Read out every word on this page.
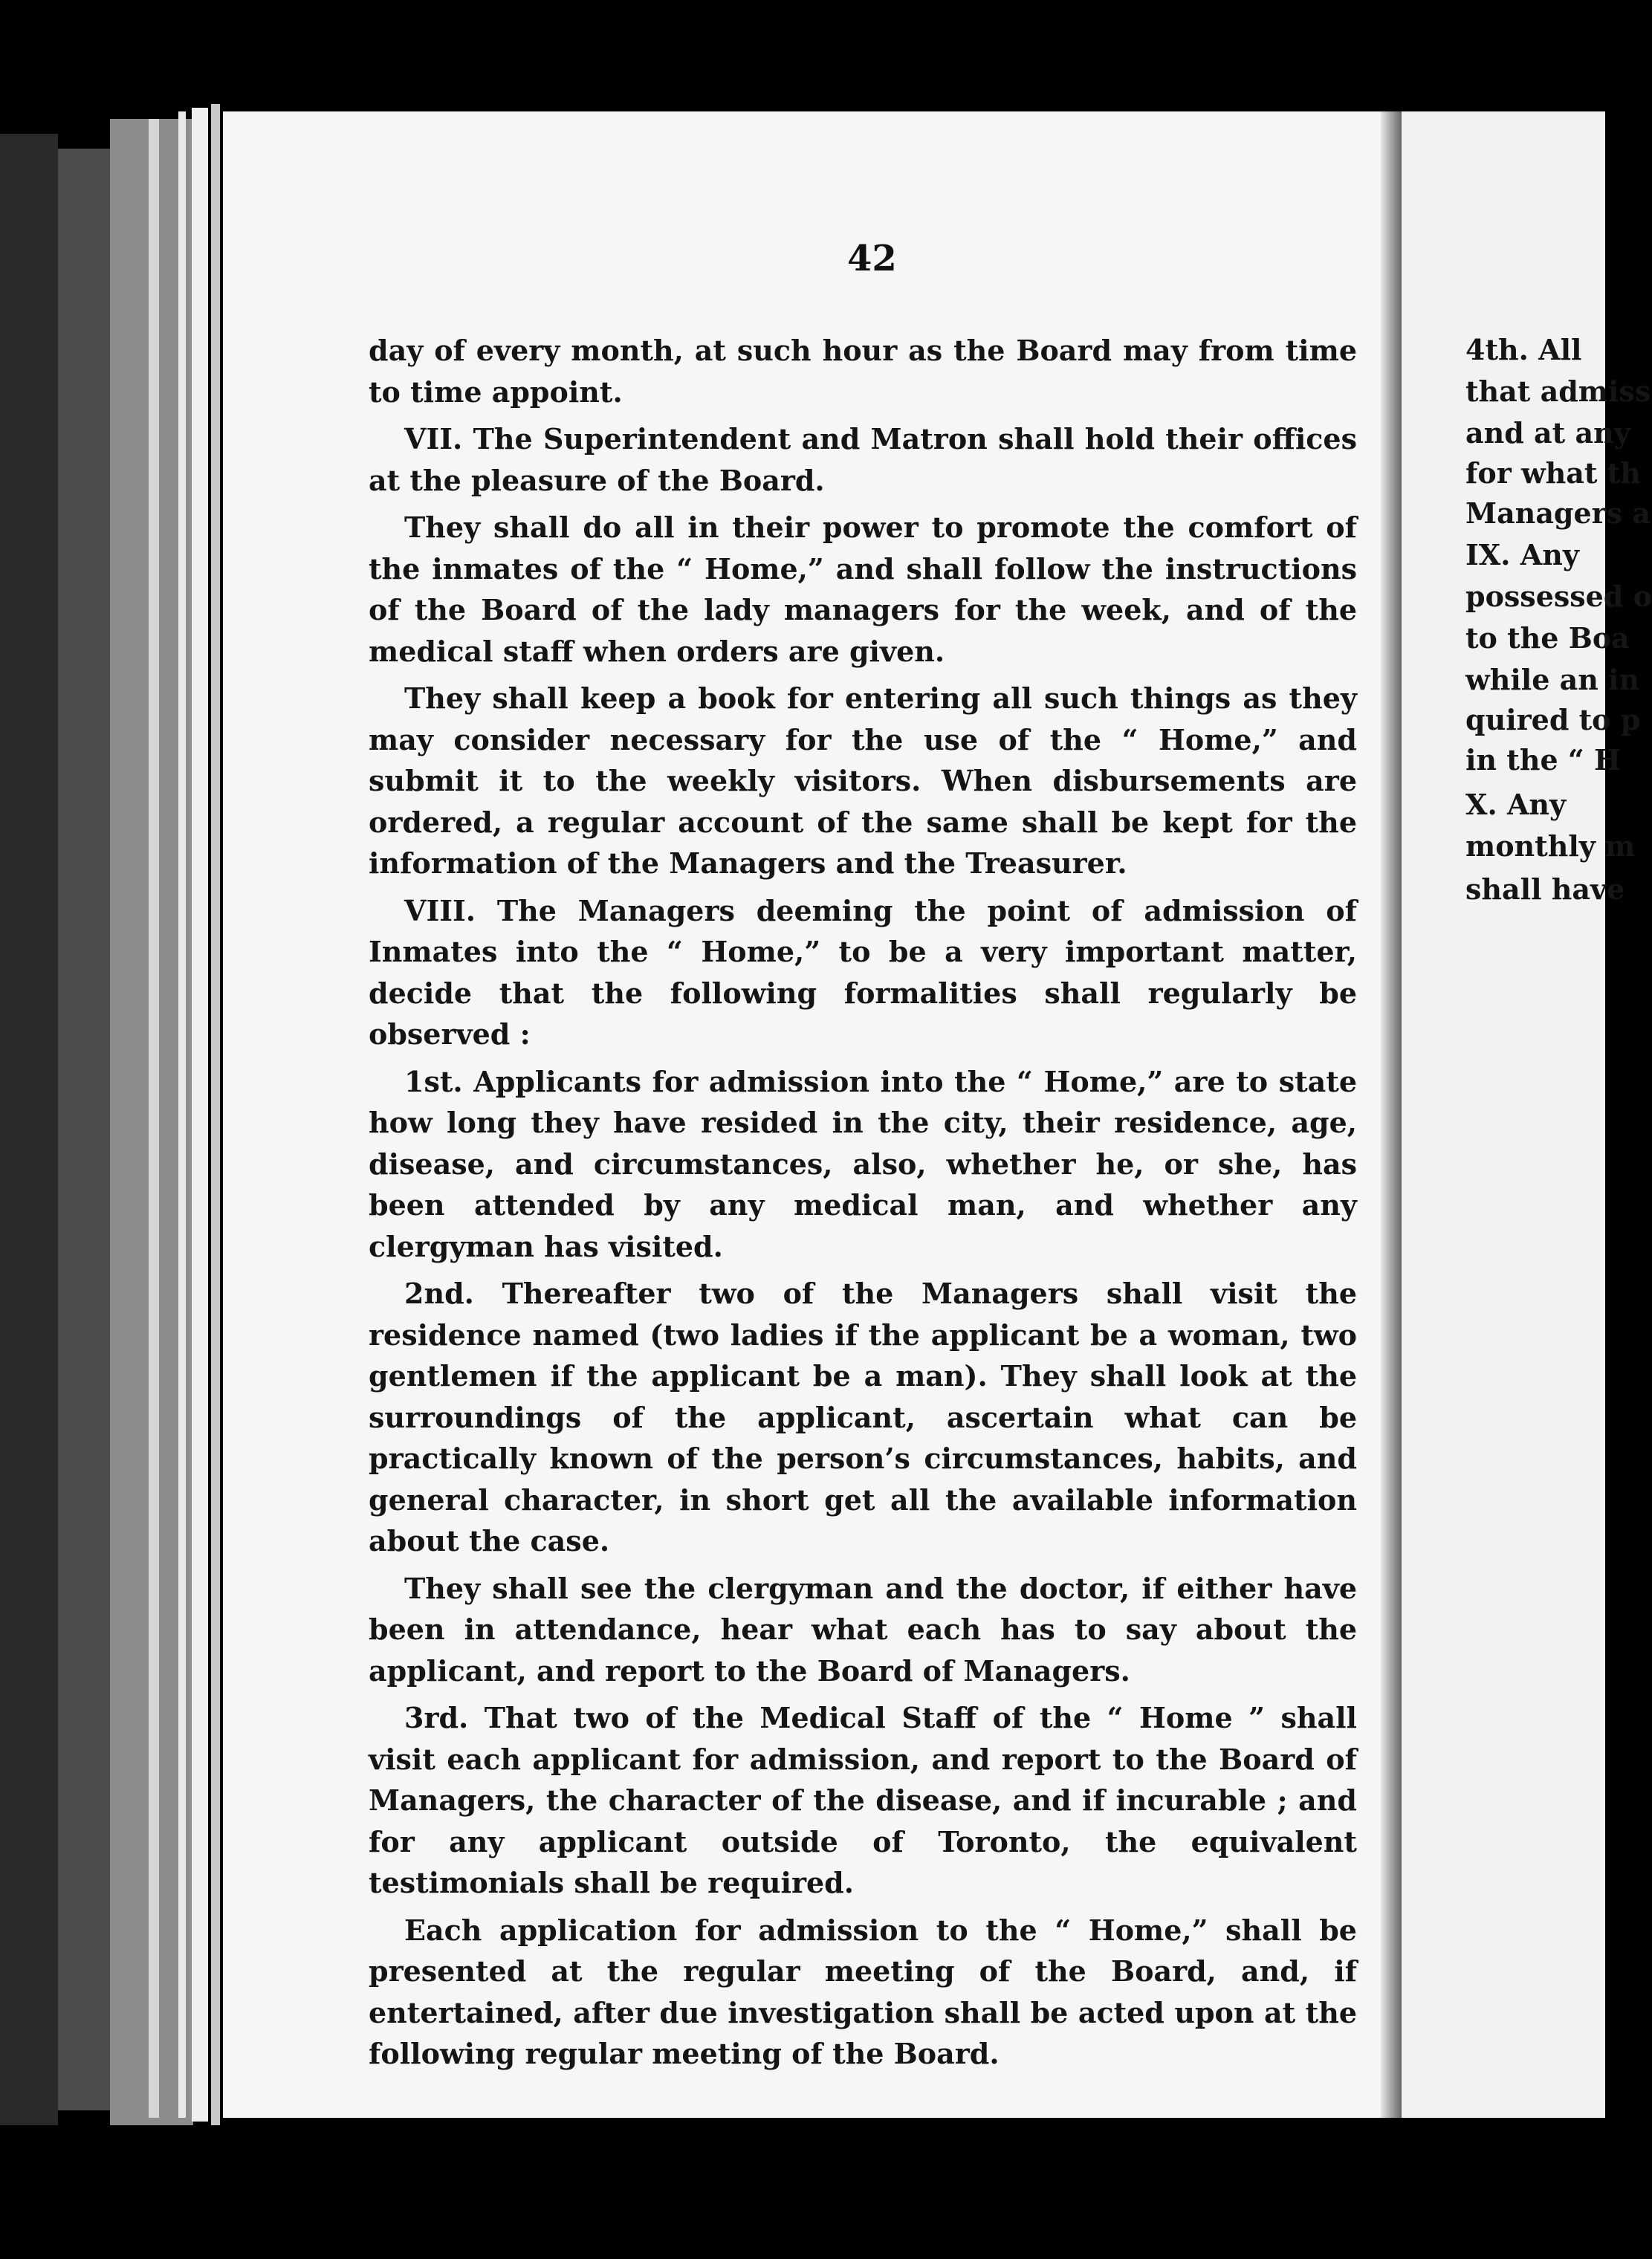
42

day of every month, at such hour as the Board may from time to time appoint.

VII. The Superintendent and Matron shall hold their offices at the pleasure of the Board.

They shall do all in their power to promote the comfort of the inmates of the “ Home,” and shall follow the instructions of the Board of the lady managers for the week, and of the medical staff when orders are given.

They shall keep a book for entering all such things as they may consider necessary for the use of the “ Home,” and submit it to the weekly visitors. When disbursements are ordered, a regular account of the same shall be kept for the information of the Managers and the Treasurer.

VIII. The Managers deeming the point of admission of Inmates into the “ Home,” to be a very important matter, decide that the following formalities shall regularly be observed :

1st. Applicants for admission into the “ Home,” are to state how long they have resided in the city, their residence, age, disease, and circumstances, also, whether he, or she, has been attended by any medical man, and whether any clergyman has visited.

2nd. Thereafter two of the Managers shall visit the residence named (two ladies if the applicant be a woman, two gentlemen if the applicant be a man). They shall look at the surroundings of the applicant, ascertain what can be practically known of the person’s circumstances, habits, and general character, in short get all the available information about the case.

They shall see the clergyman and the doctor, if either have been in attendance, hear what each has to say about the applicant, and report to the Board of Managers.

3rd. That two of the Medical Staff of the “ Home ” shall visit each applicant for admission, and report to the Board of Managers, the character of the disease, and if incurable ; and for any applicant outside of Toronto, the equivalent testimonials shall be required.

Each application for admission to the “ Home,” shall be presented at the regular meeting of the Board, and, if entertained, after due investigation shall be acted upon at the following regular meeting of the Board.

4th. All
that admiss
and at any
for what th
Managers a
IX. Any
possessed o
to the Boa
while an in
quired to p
in the “ H
X. Any
monthly m
shall have
